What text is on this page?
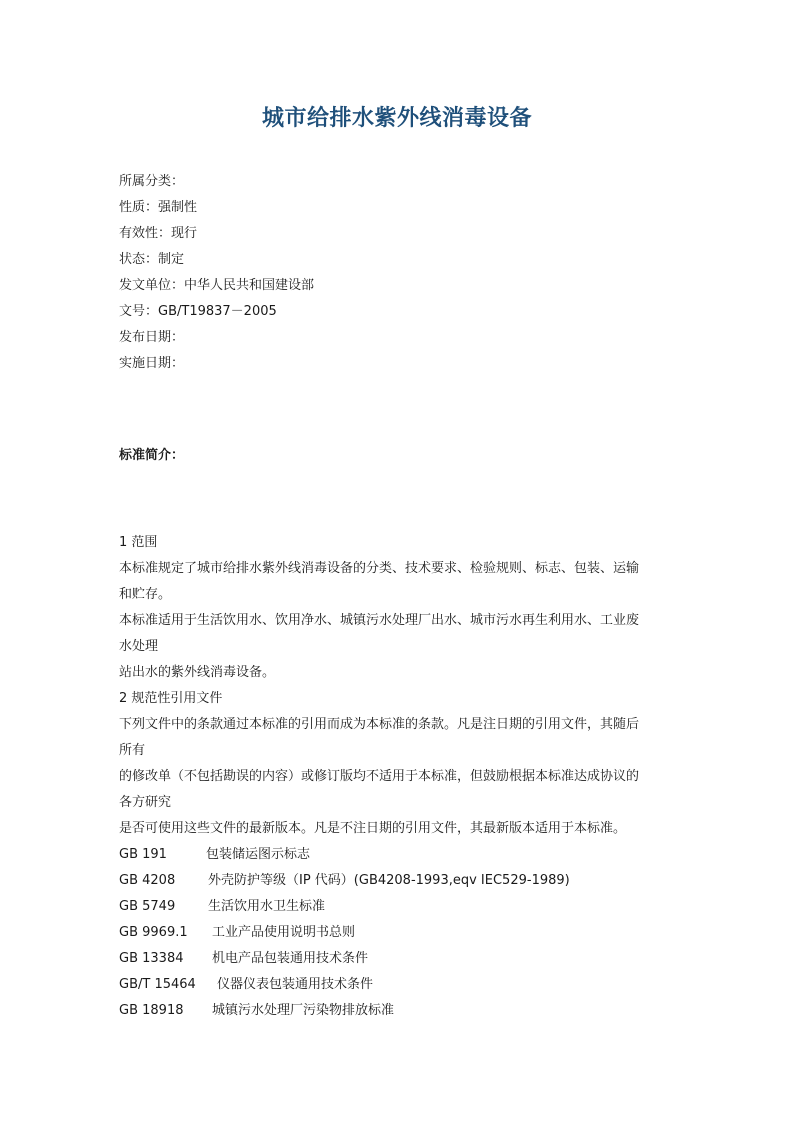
城市给排水紫外线消毒设备
所属分类：
性质：强制性
有效性：现行
状态：制定
发文单位：中华人民共和国建设部
文号：GB/T19837－2005
发布日期：
实施日期：
标准简介：
1 范围
本标准规定了城市给排水紫外线消毒设备的分类、技术要求、检验规则、标志、包装、运输
和贮存。
本标准适用于生活饮用水、饮用净水、城镇污水处理厂出水、城市污水再生利用水、工业废
水处理
站出水的紫外线消毒设备。
2 规范性引用文件
下列文件中的条款通过本标准的引用而成为本标准的条款。凡是注日期的引用文件，其随后
所有
的修改单（不包括勘误的内容）或修订版均不适用于本标准，但鼓励根据本标准达成协议的
各方研究
是否可使用这些文件的最新版本。凡是不注日期的引用文件，其最新版本适用于本标准。
GB 191	包装储运图示标志
GB 4208	外壳防护等级（IP 代码）(GB4208-1993,eqv IEC529-1989)
GB 5749	生活饮用水卫生标准
GB 9969.1 工业产品使用说明书总则
GB 13384 机电产品包装通用技术条件
GB/T 15464 仪器仪表包装通用技术条件
GB 18918 城镇污水处理厂污染物排放标准
